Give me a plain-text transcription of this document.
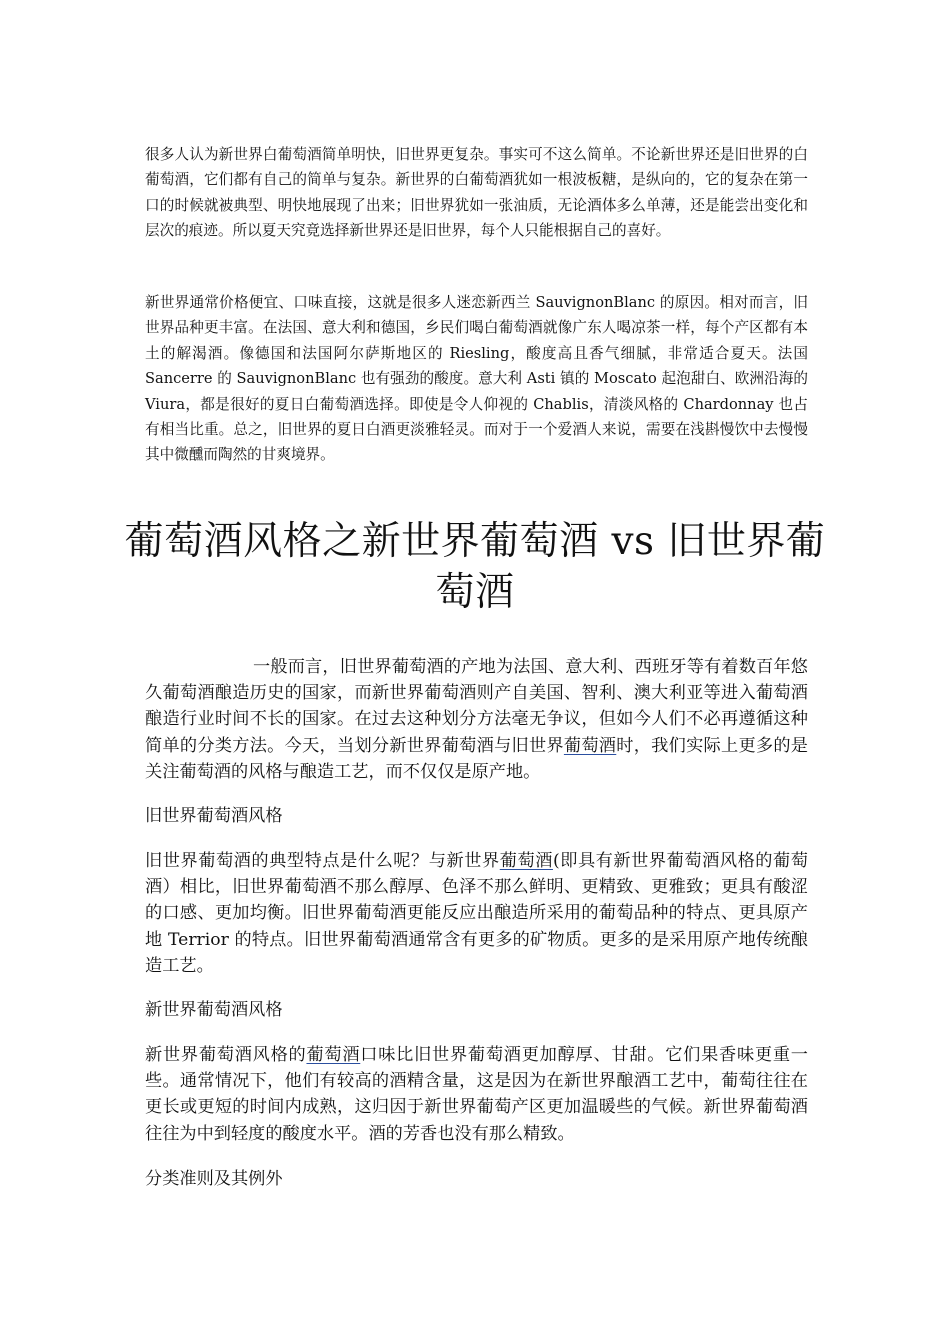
很多人认为新世界白葡萄酒简单明快，旧世界更复杂。事实可不这么简单。不论新世界还是旧世界的白葡萄酒，它们都有自己的简单与复杂。新世界的白葡萄酒犹如一根波板糖，是纵向的，它的复杂在第一口的时候就被典型、明快地展现了出来；旧世界犹如一张油质，无论酒体多么单薄，还是能尝出变化和层次的痕迹。所以夏天究竟选择新世界还是旧世界，每个人只能根据自己的喜好。

新世界通常价格便宜、口味直接，这就是很多人迷恋新西兰 SauvignonBlanc 的原因。相对而言，旧世界品种更丰富。在法国、意大利和德国，乡民们喝白葡萄酒就像广东人喝凉茶一样，每个产区都有本土的解渴酒。像德国和法国阿尔萨斯地区的 Riesling，酸度高且香气细腻，非常适合夏天。法国 Sancerre 的 SauvignonBlanc 也有强劲的酸度。意大利 Asti 镇的 Moscato 起泡甜白、欧洲沿海的 Viura，都是很好的夏日白葡萄酒选择。即使是令人仰视的 Chablis，清淡风格的 Chardonnay 也占有相当比重。总之，旧世界的夏日白酒更淡雅轻灵。而对于一个爱酒人来说，需要在浅斟慢饮中去慢慢其中微醺而陶然的甘爽境界。

葡萄酒风格之新世界葡萄酒 vs 旧世界葡萄酒

一般而言，旧世界葡萄酒的产地为法国、意大利、西班牙等有着数百年悠久葡萄酒酿造历史的国家，而新世界葡萄酒则产自美国、智利、澳大利亚等进入葡萄酒酿造行业时间不长的国家。在过去这种划分方法毫无争议，但如今人们不必再遵循这种简单的分类方法。今天，当划分新世界葡萄酒与旧世界葡萄酒时，我们实际上更多的是关注葡萄酒的风格与酿造工艺，而不仅仅是原产地。

旧世界葡萄酒风格

旧世界葡萄酒的典型特点是什么呢？与新世界葡萄酒(即具有新世界葡萄酒风格的葡萄酒）相比，旧世界葡萄酒不那么醇厚、色泽不那么鲜明、更精致、更雅致；更具有酸涩的口感、更加均衡。旧世界葡萄酒更能反应出酿造所采用的葡萄品种的特点、更具原产地 Terrior 的特点。旧世界葡萄酒通常含有更多的矿物质。更多的是采用原产地传统酿造工艺。

新世界葡萄酒风格

新世界葡萄酒风格的葡萄酒口味比旧世界葡萄酒更加醇厚、甘甜。它们果香味更重一些。通常情况下，他们有较高的酒精含量，这是因为在新世界酿酒工艺中，葡萄往往在更长或更短的时间内成熟，这归因于新世界葡萄产区更加温暖些的气候。新世界葡萄酒往往为中到轻度的酸度水平。酒的芳香也没有那么精致。

分类准则及其例外
